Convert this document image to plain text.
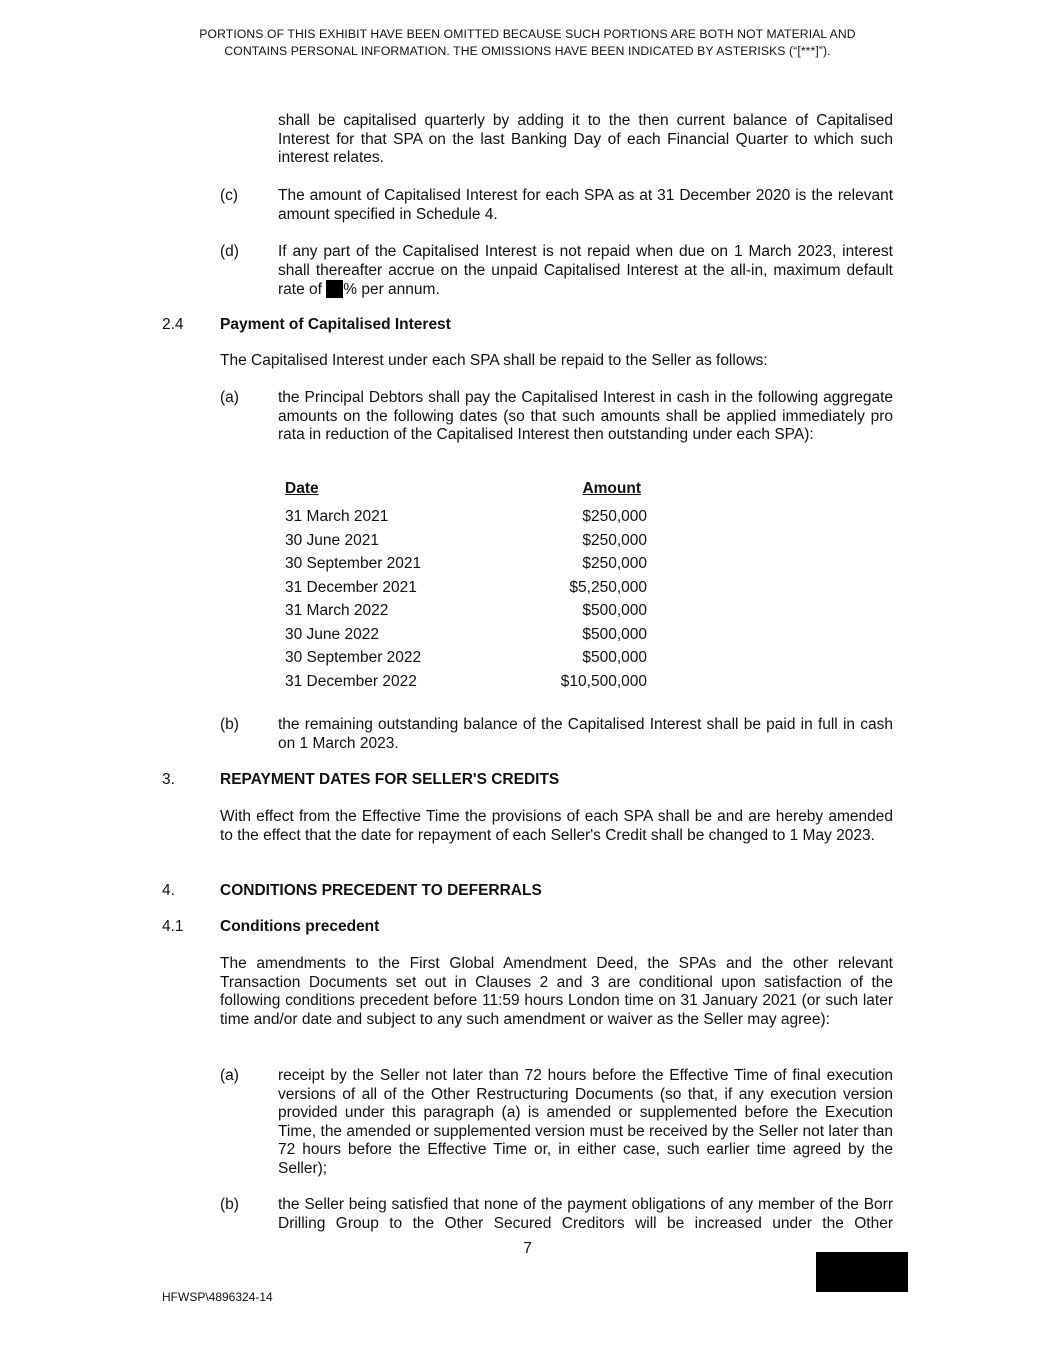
PORTIONS OF THIS EXHIBIT HAVE BEEN OMITTED BECAUSE SUCH PORTIONS ARE BOTH NOT MATERIAL AND
CONTAINS PERSONAL INFORMATION. THE OMISSIONS HAVE BEEN INDICATED BY ASTERISKS (“[***]”).
shall be capitalised quarterly by adding it to the then current balance of Capitalised Interest for that SPA on the last Banking Day of each Financial Quarter to which such interest relates.
(c)	The amount of Capitalised Interest for each SPA as at 31 December 2020 is the relevant amount specified in Schedule 4.
(d)	If any part of the Capitalised Interest is not repaid when due on 1 March 2023, interest shall thereafter accrue on the unpaid Capitalised Interest at the all-in, maximum default rate of % per annum.
2.4 Payment of Capitalised Interest
The Capitalised Interest under each SPA shall be repaid to the Seller as follows:
(a)	the Principal Debtors shall pay the Capitalised Interest in cash in the following aggregate amounts on the following dates (so that such amounts shall be applied immediately pro rata in reduction of the Capitalised Interest then outstanding under each SPA):
Date	Amount
31 March 2021	$250,000
30 June 2021	$250,000
30 September 2021	$250,000
31 December 2021	$5,250,000
31 March 2022	$500,000
30 June 2022	$500,000
30 September 2022	$500,000
31 December 2022	$10,500,000
(b)	the remaining outstanding balance of the Capitalised Interest shall be paid in full in cash on 1 March 2023.
3.	REPAYMENT DATES FOR SELLER'S CREDITS
With effect from the Effective Time the provisions of each SPA shall be and are hereby amended to the effect that the date for repayment of each Seller's Credit shall be changed to 1 May 2023.
4.	CONDITIONS PRECEDENT TO DEFERRALS
4.1 Conditions precedent
The amendments to the First Global Amendment Deed, the SPAs and the other relevant Transaction Documents set out in Clauses 2 and 3 are conditional upon satisfaction of the following conditions precedent before 11:59 hours London time on 31 January 2021 (or such later time and/or date and subject to any such amendment or waiver as the Seller may agree):
(a)	receipt by the Seller not later than 72 hours before the Effective Time of final execution versions of all of the Other Restructuring Documents (so that, if any execution version provided under this paragraph (a) is amended or supplemented before the Execution Time, the amended or supplemented version must be received by the Seller not later than 72 hours before the Effective Time or, in either case, such earlier time agreed by the Seller);
(b)	the Seller being satisfied that none of the payment obligations of any member of the Borr Drilling Group to the Other Secured Creditors will be increased under the Other
7
HFWSP\4896324-14
